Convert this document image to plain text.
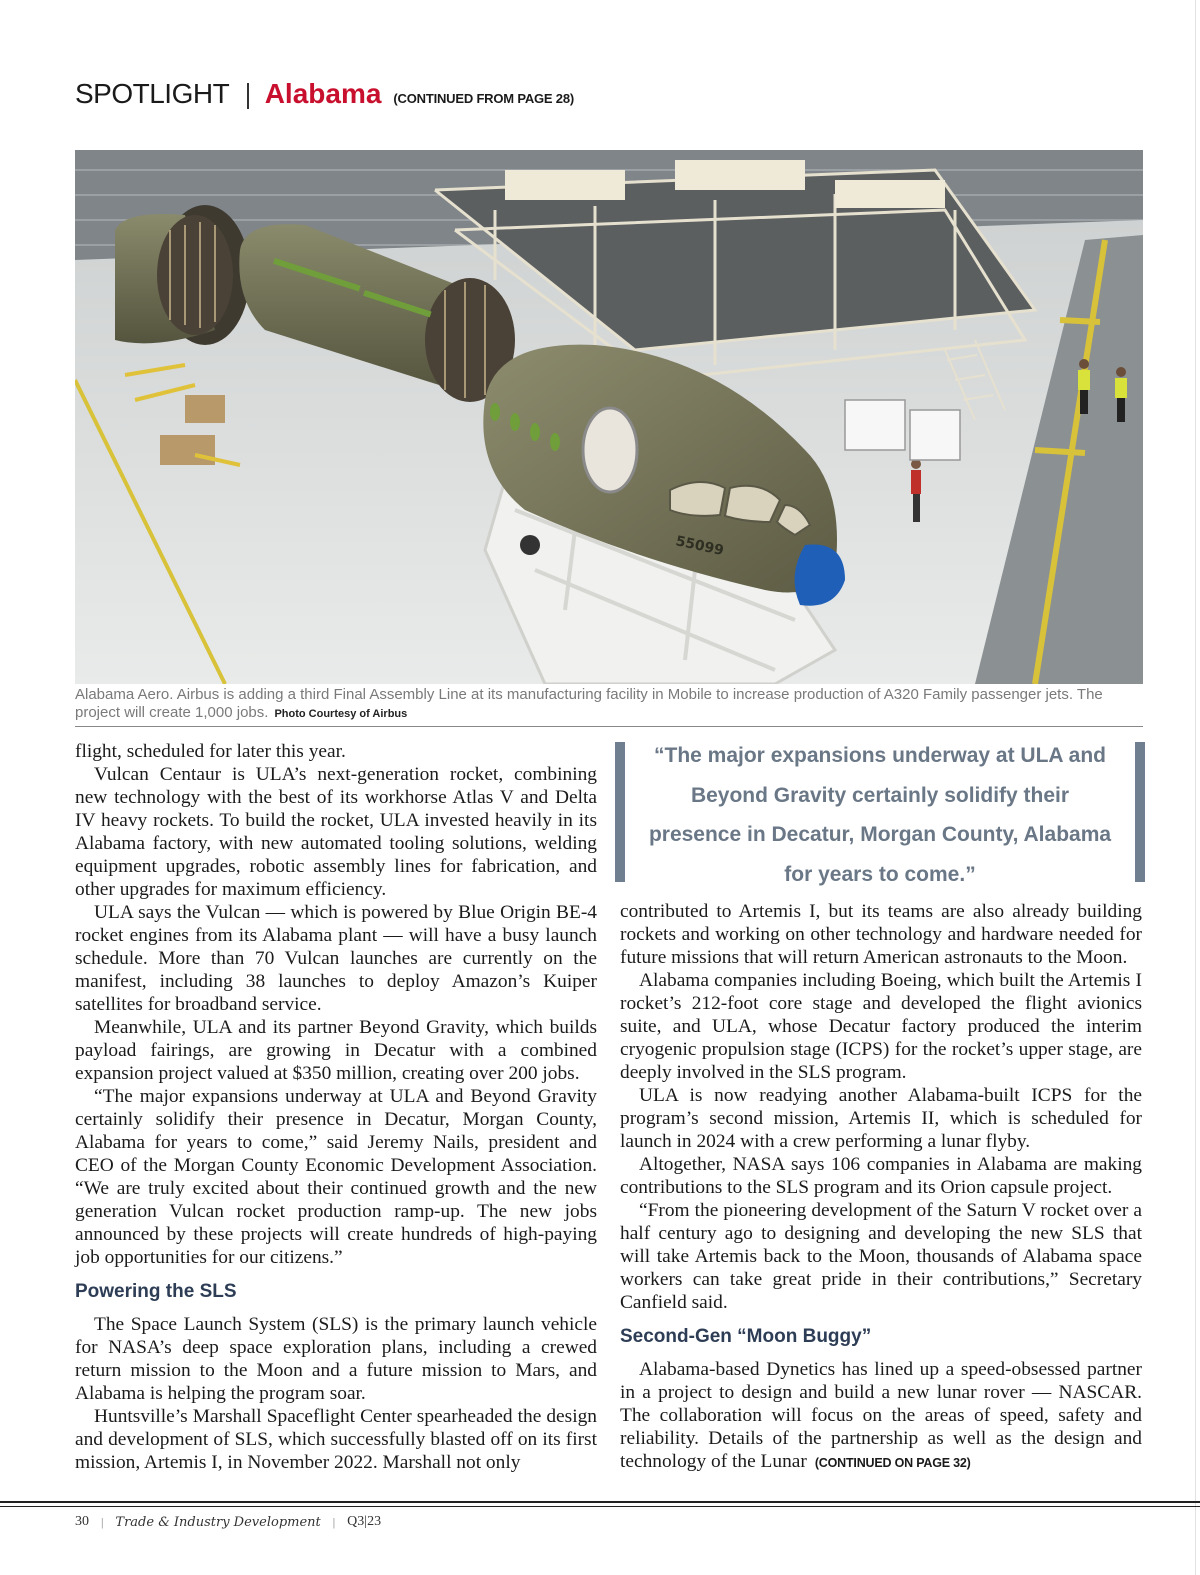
SPOTLIGHT Alabama (CONTINUED FROM PAGE 28)
55099
Alabama Aero. Airbus is adding a third Final Assembly Line at its manufacturing facility in Mobile to increase production of A320 Family passenger jets. The project will create 1,000 jobs. Photo Courtesy of Airbus

flight, scheduled for later this year.

Vulcan Centaur is ULA’s next-generation rocket, combining new technology with the best of its workhorse Atlas V and Delta IV heavy rockets. To build the rocket, ULA invested heavily in its Alabama factory, with new automated tooling solutions, welding equipment upgrades, robotic assembly lines for fabrication, and other upgrades for maximum efficiency.

ULA says the Vulcan — which is powered by Blue Origin BE-4 rocket engines from its Alabama plant — will have a busy launch schedule. More than 70 Vulcan launches are currently on the manifest, including 38 launches to deploy Amazon’s Kuiper satellites for broadband service.

Meanwhile, ULA and its partner Beyond Gravity, which builds payload fairings, are growing in Decatur with a combined expansion project valued at $350 million, creating over 200 jobs.

“The major expansions underway at ULA and Beyond Gravity certainly solidify their presence in Decatur, Morgan County, Alabama for years to come,” said Jeremy Nails, president and CEO of the Morgan County Economic Development Association. “We are truly excited about their continued growth and the new generation Vulcan rocket production ramp-up. The new jobs announced by these projects will create hundreds of high-paying job opportunities for our citizens.”

Powering the SLS

The Space Launch System (SLS) is the primary launch vehicle for NASA’s deep space exploration plans, including a crewed return mission to the Moon and a future mission to Mars, and Alabama is helping the program soar.

Huntsville’s Marshall Spaceflight Center spearheaded the design and development of SLS, which successfully blasted off on its first mission, Artemis I, in November 2022. Marshall not only

“The major expansions underway at ULA and Beyond Gravity certainly solidify their presence in Decatur, Morgan County, Alabama for years to come.”

contributed to Artemis I, but its teams are also already building rockets and working on other technology and hardware needed for future missions that will return American astronauts to the Moon.

Alabama companies including Boeing, which built the Artemis I rocket’s 212-foot core stage and developed the flight avionics suite, and ULA, whose Decatur factory produced the interim cryogenic propulsion stage (ICPS) for the rocket’s upper stage, are deeply involved in the SLS program.

ULA is now readying another Alabama-built ICPS for the program’s second mission, Artemis II, which is scheduled for launch in 2024 with a crew performing a lunar flyby.

Altogether, NASA says 106 companies in Alabama are making contributions to the SLS program and its Orion capsule project.

“From the pioneering development of the Saturn V rocket over a half century ago to designing and developing the new SLS that will take Artemis back to the Moon, thousands of Alabama space workers can take great pride in their contributions,” Secretary Canfield said.

Second-Gen “Moon Buggy”

Alabama-based Dynetics has lined up a speed-obsessed partner in a project to design and build a new lunar rover — NASCAR. The collaboration will focus on the areas of speed, safety and reliability. Details of the partnership as well as the design and technology of the Lunar (CONTINUED ON PAGE 32)

30 | Trade & Industry Development | Q3|23
